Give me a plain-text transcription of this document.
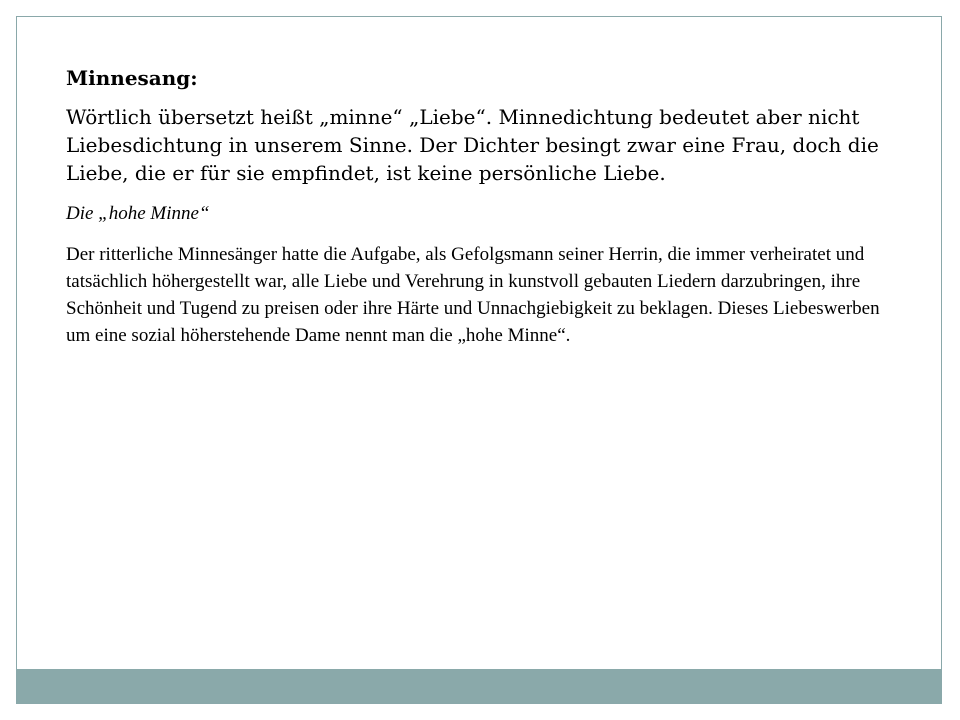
Minnesang:

Wörtlich übersetzt heißt „minne“ „Liebe“. Minnedichtung bedeutet aber nicht Liebesdichtung in unserem Sinne. Der Dichter besingt zwar eine Frau, doch die Liebe, die er für sie empfindet, ist keine persönliche Liebe.

Die „hohe Minne“

Der ritterliche Minnesänger hatte die Aufgabe, als Gefolgsmann seiner Herrin, die immer verheiratet und tatsächlich höhergestellt war, alle Liebe und Verehrung in kunstvoll gebauten Liedern darzubringen, ihre Schönheit und Tugend zu preisen oder ihre Härte und Unnachgiebigkeit zu beklagen. Dieses Liebeswerben um eine sozial höherstehende Dame nennt man die „hohe Minne“.
